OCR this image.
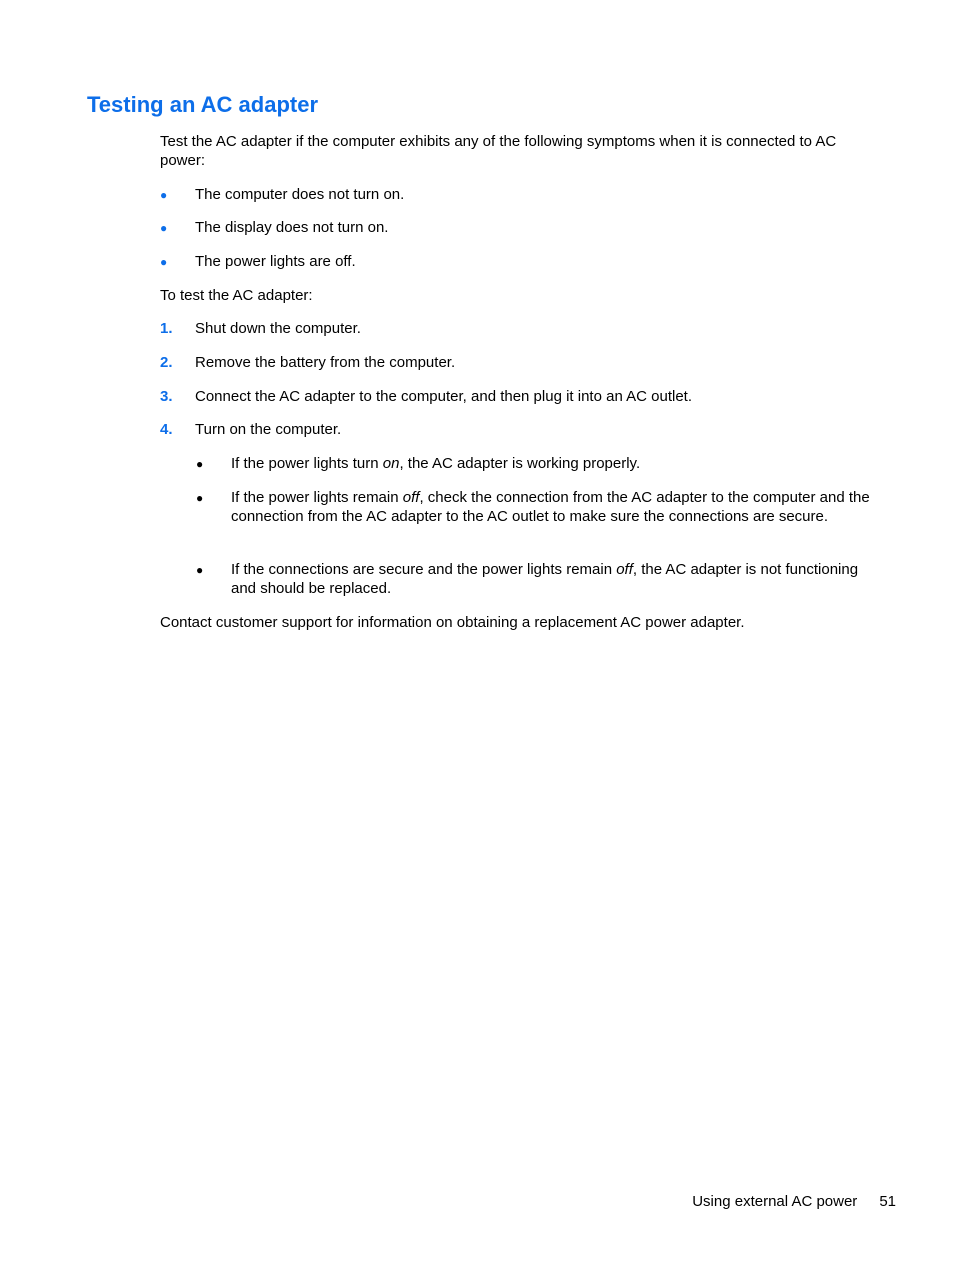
Testing an AC adapter

Test the AC adapter if the computer exhibits any of the following symptoms when it is connected to AC power:

● The computer does not turn on.
● The display does not turn on.
● The power lights are off.

To test the AC adapter:

1. Shut down the computer.
2. Remove the battery from the computer.
3. Connect the AC adapter to the computer, and then plug it into an AC outlet.
4. Turn on the computer.
● If the power lights turn on, the AC adapter is working properly.
● If the power lights remain off, check the connection from the AC adapter to the computer and the connection from the AC adapter to the AC outlet to make sure the connections are secure.
● If the connections are secure and the power lights remain off, the AC adapter is not functioning and should be replaced.

Contact customer support for information on obtaining a replacement AC power adapter.

Using external AC power 51
